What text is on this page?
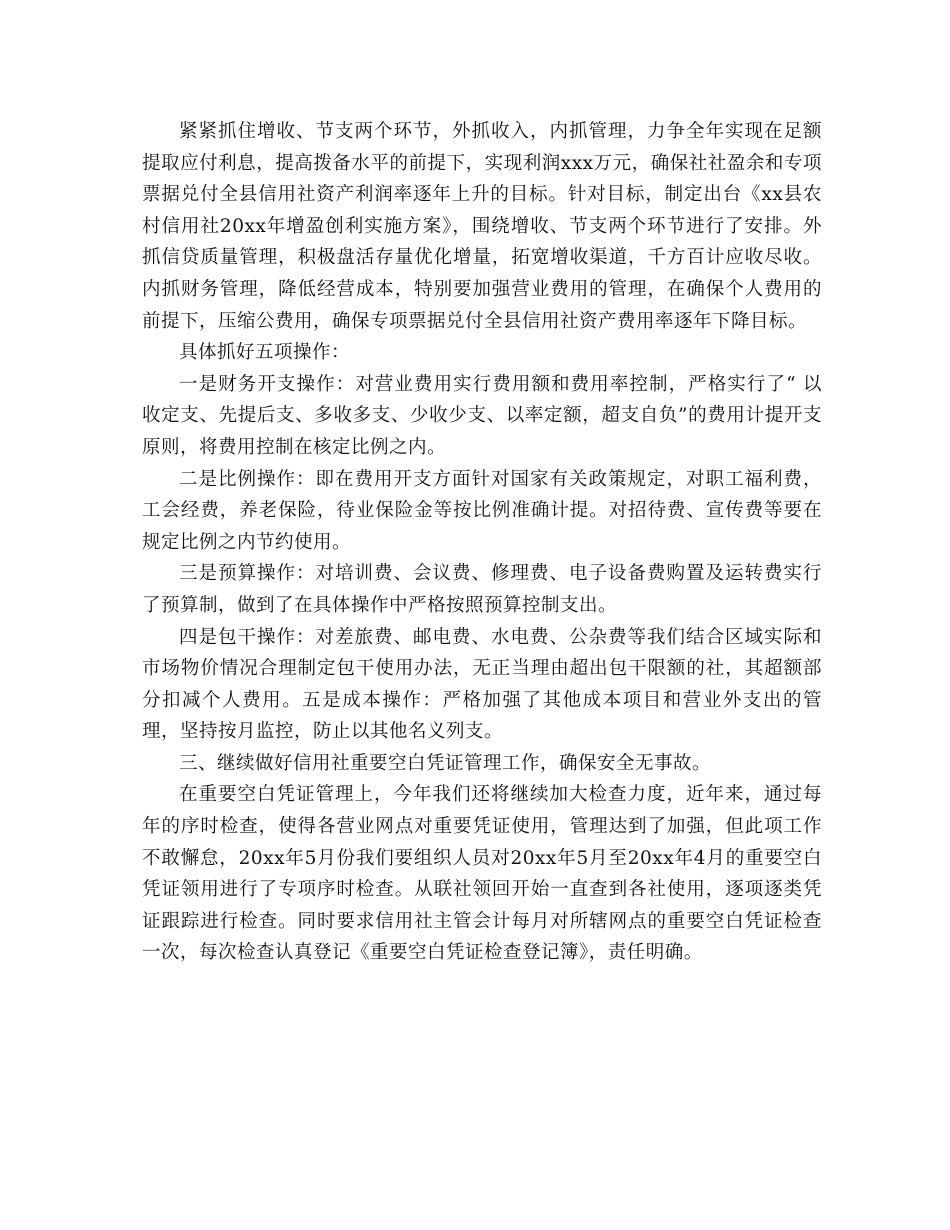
紧紧抓住增收、节支两个环节，外抓收入，内抓管理，力争全年实现在足额提取应付利息，提高拨备水平的前提下，实现利润xxx万元，确保社社盈余和专项票据兑付全县信用社资产利润率逐年上升的目标。针对目标，制定出台《xx县农村信用社20xx年增盈创利实施方案》，围绕增收、节支两个环节进行了安排。外抓信贷质量管理，积极盘活存量优化增量，拓宽增收渠道，千方百计应收尽收。内抓财务管理，降低经营成本，特别要加强营业费用的管理，在确保个人费用的前提下，压缩公费用，确保专项票据兑付全县信用社资产费用率逐年下降目标。

具体抓好五项操作：

一是财务开支操作：对营业费用实行费用额和费用率控制，严格实行了“ 以收定支、先提后支、多收多支、少收少支、以率定额，超支自负”的费用计提开支原则，将费用控制在核定比例之内。

二是比例操作：即在费用开支方面针对国家有关政策规定，对职工福利费，工会经费，养老保险，待业保险金等按比例准确计提。对招待费、宣传费等要在规定比例之内节约使用。

三是预算操作：对培训费、会议费、修理费、电子设备费购置及运转费实行了预算制，做到了在具体操作中严格按照预算控制支出。

四是包干操作：对差旅费、邮电费、水电费、公杂费等我们结合区域实际和市场物价情况合理制定包干使用办法，无正当理由超出包干限额的社，其超额部分扣减个人费用。五是成本操作：严格加强了其他成本项目和营业外支出的管理，坚持按月监控，防止以其他名义列支。

三、继续做好信用社重要空白凭证管理工作，确保安全无事故。

在重要空白凭证管理上，今年我们还将继续加大检查力度，近年来，通过每年的序时检查，使得各营业网点对重要凭证使用，管理达到了加强，但此项工作不敢懈怠，20xx年5月份我们要组织人员对20xx年5月至20xx年4月的重要空白凭证领用进行了专项序时检查。从联社领回开始一直查到各社使用，逐项逐类凭证跟踪进行检查。同时要求信用社主管会计每月对所辖网点的重要空白凭证检查一次，每次检查认真登记《重要空白凭证检查登记簿》，责任明确。
